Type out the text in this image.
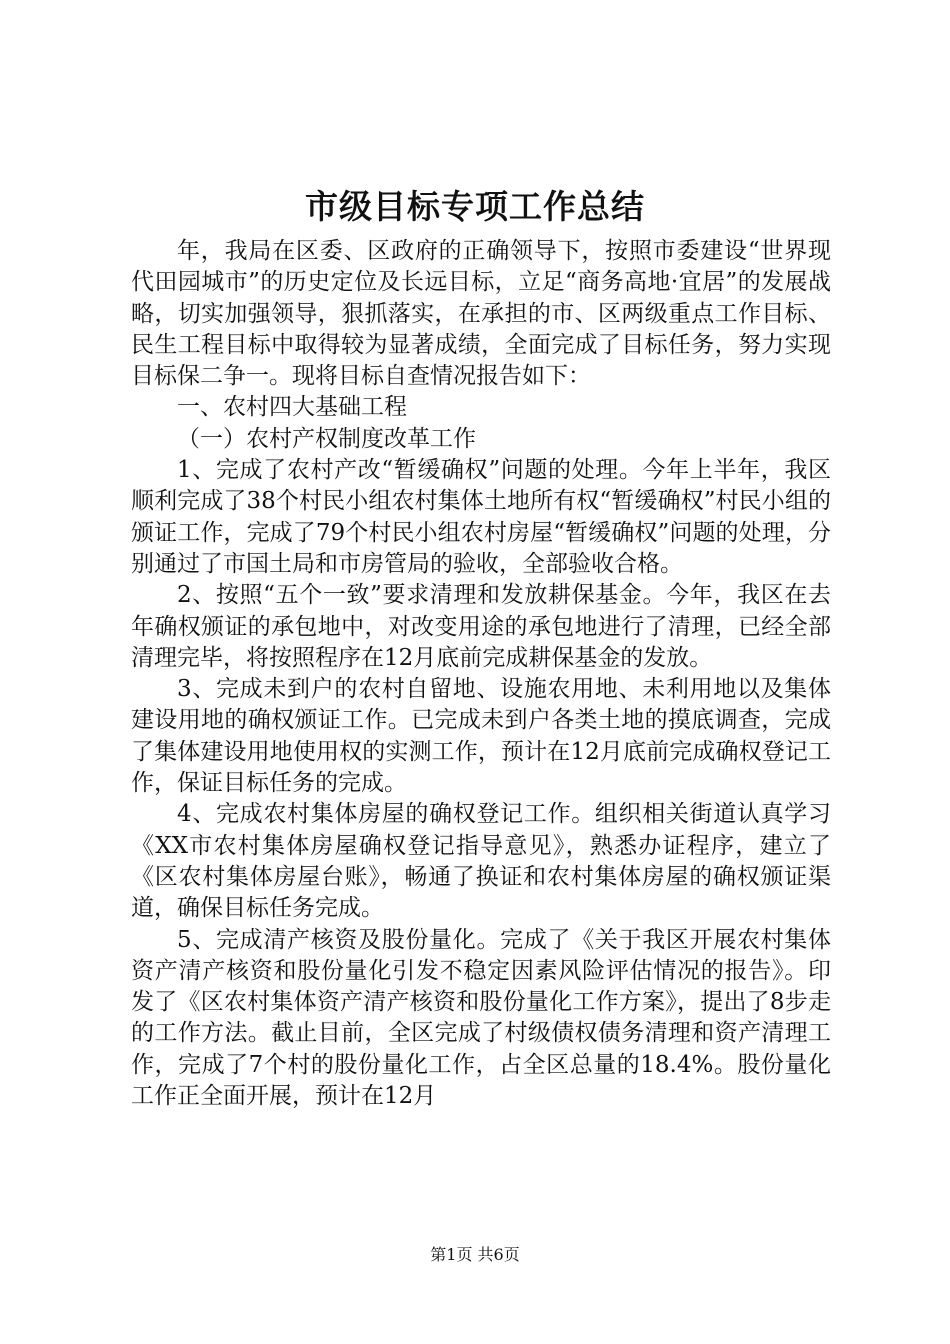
市级目标专项工作总结

年，我局在区委、区政府的正确领导下，按照市委建设“世界现代田园城市”的历史定位及长远目标，立足“商务高地·宜居”的发展战略，切实加强领导，狠抓落实，在承担的市、区两级重点工作目标、民生工程目标中取得较为显著成绩，全面完成了目标任务，努力实现目标保二争一。现将目标自查情况报告如下：

一、农村四大基础工程

（一）农村产权制度改革工作

1、完成了农村产改“暂缓确权”问题的处理。今年上半年，我区顺利完成了38个村民小组农村集体土地所有权“暂缓确权”村民小组的颁证工作，完成了79个村民小组农村房屋“暂缓确权”问题的处理，分别通过了市国土局和市房管局的验收，全部验收合格。

2、按照“五个一致”要求清理和发放耕保基金。今年，我区在去年确权颁证的承包地中，对改变用途的承包地进行了清理，已经全部清理完毕，将按照程序在12月底前完成耕保基金的发放。

3、完成未到户的农村自留地、设施农用地、未利用地以及集体建设用地的确权颁证工作。已完成未到户各类土地的摸底调查，完成了集体建设用地使用权的实测工作，预计在12月底前完成确权登记工作，保证目标任务的完成。

4、完成农村集体房屋的确权登记工作。组织相关街道认真学习《XX市农村集体房屋确权登记指导意见》，熟悉办证程序，建立了《区农村集体房屋台账》，畅通了换证和农村集体房屋的确权颁证渠道，确保目标任务完成。

5、完成清产核资及股份量化。完成了《关于我区开展农村集体资产清产核资和股份量化引发不稳定因素风险评估情况的报告》。印发了《区农村集体资产清产核资和股份量化工作方案》，提出了8步走的工作方法。截止目前，全区完成了村级债权债务清理和资产清理工作，完成了7个村的股份量化工作，占全区总量的18.4%。股份量化工作正全面开展，预计在12月

第1页 共6页
